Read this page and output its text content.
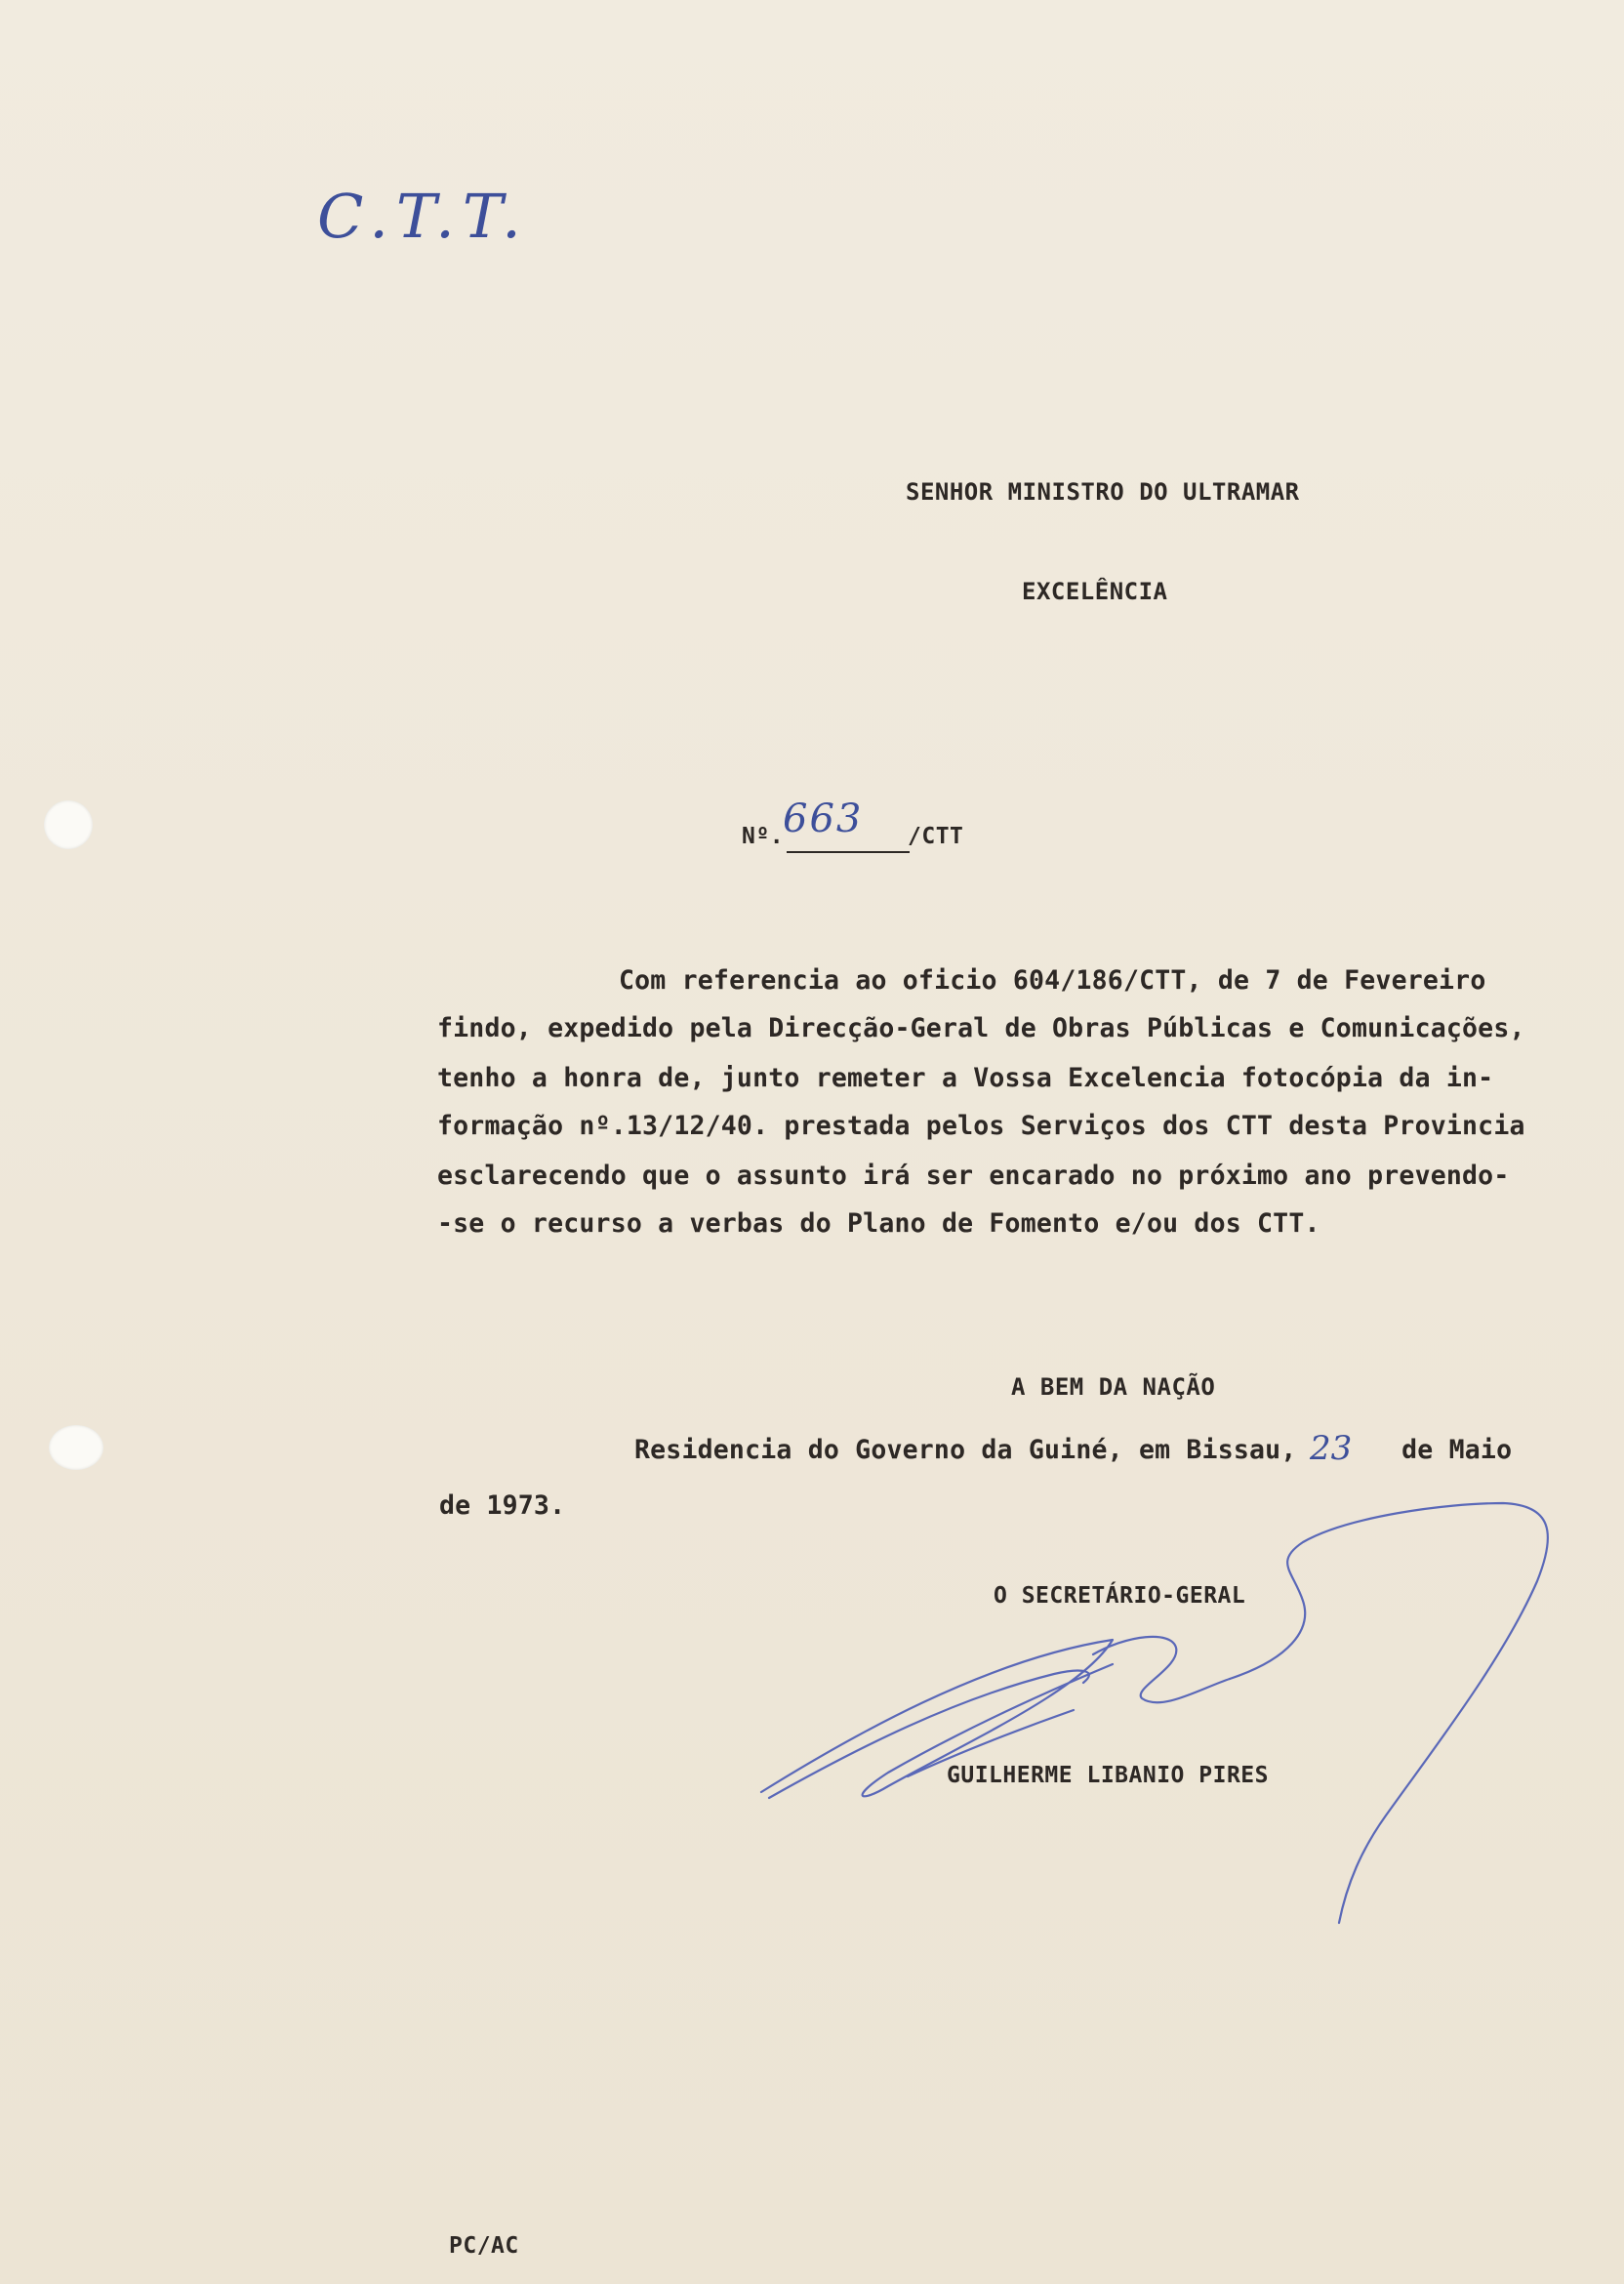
C.T.T.
SENHOR MINISTRO DO ULTRAMAR
EXCELÊNCIA
Nº.
663 /CTT
Com referencia ao oficio 604/186/CTT, de 7 de Fevereiro
findo, expedido pela Direcção-Geral de Obras Públicas e Comunicações,
tenho a honra de, junto remeter a Vossa Excelencia fotocópia da in-
formação nº.13/12/40. prestada pelos Serviços dos CTT desta Provincia
esclarecendo que o assunto irá ser encarado no próximo ano prevendo-
-se o recurso a verbas do Plano de Fomento e/ou dos CTT.
A BEM DA NAÇÃO
Residencia do Governo da Guiné, em Bissau,
23 de Maio
de 1973.
O SECRETÁRIO-GERAL
GUILHERME LIBANIO PIRES
PC/AC
